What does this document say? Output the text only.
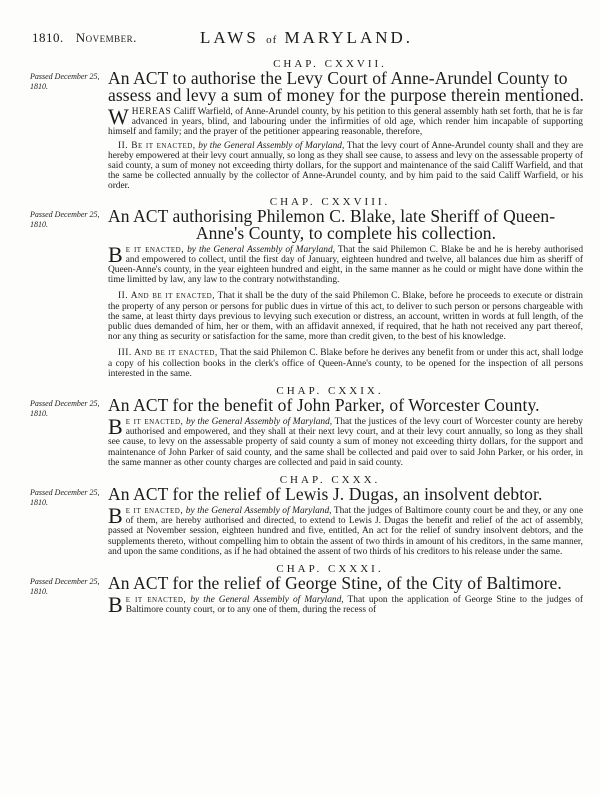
1810. November.	LAWS of MARYLAND.
CHAP. CXXVII.
Passed December 25, 1810.	An ACT to authorise the Levy Court of Anne-Arundel County to
assess and levy a sum of money for the purpose therein mentioned.
WHEREAS Califf Warfield, of Anne-Arundel county, by his petition to this general assembly hath set forth, that he is far advanced in years, blind, and labouring under the infirmities of old age, which render him incapable of supporting himself and family; and the prayer of the petitioner appearing reasonable, therefore,
II. Be it enacted, by the General Assembly of Maryland, That the levy court of Anne-Arundel county shall and they are hereby empowered at their levy court annually, so long as they shall see cause, to assess and levy on the assessable property of said county, a sum of money not exceeding thirty dollars, for the support and maintenance of the said Califf Warfield, and that the same be collected annually by the collector of Anne-Arundel county, and by him paid to the said Califf Warfield, or his order.
CHAP. CXXVIII.
Passed December 25, 1810.	An ACT authorising Philemon C. Blake, late Sheriff of Queen-
Anne's County, to complete his collection.
Be it enacted, by the General Assembly of Maryland, That the said Philemon C. Blake be and he is hereby authorised and empowered to collect, until the first day of January, eighteen hundred and twelve, all balances due him as sheriff of Queen-Anne's county, in the year eighteen hundred and eight, in the same manner as he could or might have done within the time limitted by law, any law to the contrary notwithstanding.
II. And be it enacted, That it shall be the duty of the said Philemon C. Blake, before he proceeds to execute or distrain the property of any person or persons for public dues in virtue of this act, to deliver to such person or persons chargeable with the same, at least thirty days previous to levying such execution or distress, an account, written in words at full length, of the public dues demanded of him, her or them, with an affidavit annexed, if required, that he hath not received any part thereof, nor any thing as security or satisfaction for the same, more than credit given, to the best of his knowledge.
III. And be it enacted, That the said Philemon C. Blake before he derives any benefit from or under this act, shall lodge a copy of his collection books in the clerk's office of Queen-Anne's county, to be opened for the inspection of all persons interested in the same.
CHAP. CXXIX.
Passed December 25, 1810.	An ACT for the benefit of John Parker, of Worcester County.
Be it enacted, by the General Assembly of Maryland, That the justices of the levy court of Worcester county are hereby authorised and empowered, and they shall at their next levy court, and at their levy court annually, so long as they shall see cause, to levy on the assessable property of said county a sum of money not exceeding thirty dollars, for the support and maintenance of John Parker of said county, and the same shall be collected and paid over to said John Parker, or his order, in the same manner as other county charges are collected and paid in said county.
CHAP. CXXX.
Passed December 25, 1810.	An ACT for the relief of Lewis J. Dugas, an insolvent debtor.
Be it enacted, by the General Assembly of Maryland, That the judges of Baltimore county court be and they, or any one of them, are hereby authorised and directed, to extend to Lewis J. Dugas the benefit and relief of the act of assembly, passed at November session, eighteen hundred and five, entitled, An act for the relief of sundry insolvent debtors, and the supplements thereto, without compelling him to obtain the assent of two thirds in amount of his creditors, in the same manner, and upon the same conditions, as if he had obtained the assent of two thirds of his creditors to his release under the same.
CHAP. CXXXI.
Passed December 25, 1810.	An ACT for the relief of George Stine, of the City of Baltimore.
Be it enacted, by the General Assembly of Maryland, That upon the application of George Stine to the judges of Baltimore county court, or to any one of them, during the recess of
